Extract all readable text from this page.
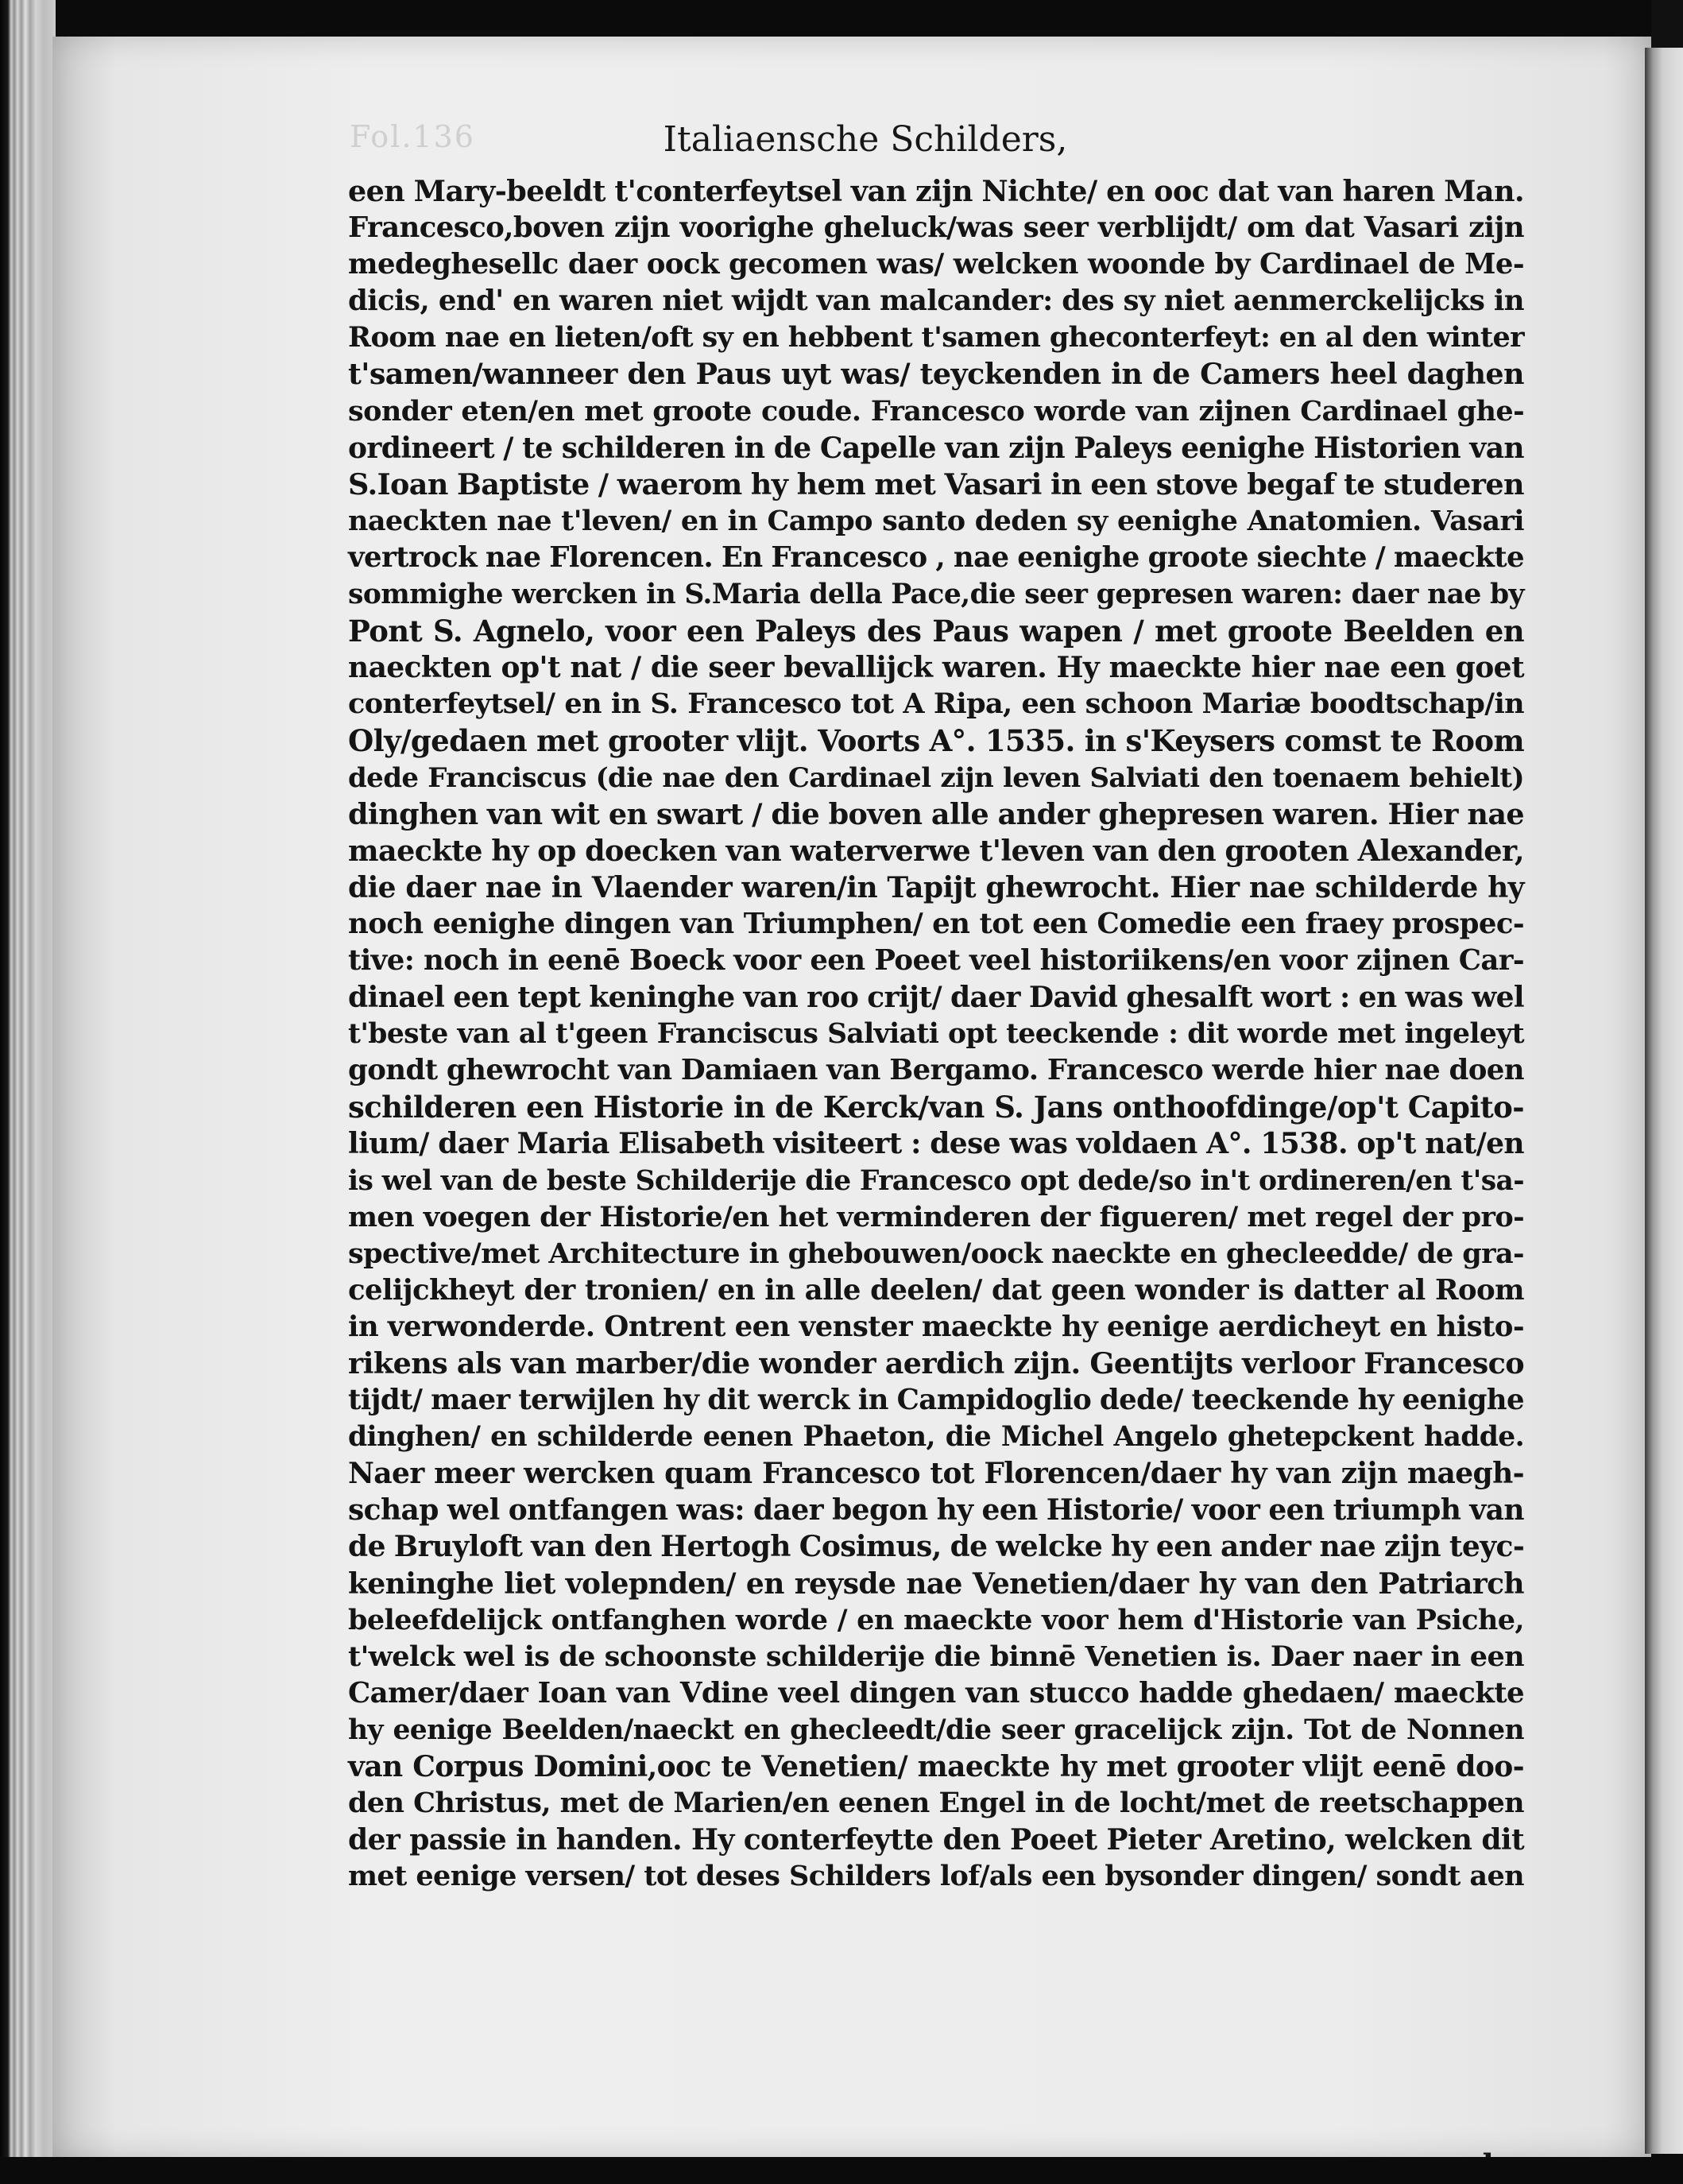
Fol.136	Italiaensche Schilders,
een Mary-beeldt t'conterfeytsel van zijn Nichte/ en ooc dat van haren Man.
Francesco,boven zijn voorighe gheluck/was seer verblijdt/ om dat Vasari zijn
medeghesellc daer oock gecomen was/ welcken woonde by Cardinael de Me-
dicis, end' en waren niet wijdt van malcander: des sy niet aenmerckelijcks in
Room nae en lieten/oft sy en hebbent t'samen gheconterfeyt: en al den winter
t'samen/wanneer den Paus uyt was/ teyckenden in de Camers heel daghen
sonder eten/en met groote coude. Francesco worde van zijnen Cardinael ghe-
ordineert / te schilderen in de Capelle van zijn Paleys eenighe Historien van
S.Ioan Baptiste / waerom hy hem met Vasari in een stove begaf te studeren
naeckten nae t'leven/ en in Campo santo deden sy eenighe Anatomien. Vasari
vertrock nae Florencen. En Francesco , nae eenighe groote siechte / maeckte
sommighe wercken in S.Maria della Pace,die seer gepresen waren: daer nae by
Pont S. Agnelo, voor een Paleys des Paus wapen / met groote Beelden en
naeckten op't nat / die seer bevallijck waren. Hy maeckte hier nae een goet
conterfeytsel/ en in S. Francesco tot A Ripa, een schoon Mariæ boodtschap/in
Oly/gedaen met grooter vlijt. Voorts A°. 1535. in s'Keysers comst te Room
dede Franciscus (die nae den Cardinael zijn leven Salviati den toenaem behielt)
dinghen van wit en swart / die boven alle ander ghepresen waren. Hier nae
maeckte hy op doecken van waterverwe t'leven van den grooten Alexander,
die daer nae in Vlaender waren/in Tapijt ghewrocht. Hier nae schilderde hy
noch eenighe dingen van Triumphen/ en tot een Comedie een fraey prospec-
tive: noch in eenē Boeck voor een Poeet veel historiikens/en voor zijnen Car-
dinael een tept keninghe van roo crijt/ daer David ghesalft wort : en was wel
t'beste van al t'geen Franciscus Salviati opt teeckende : dit worde met ingeleyt
gondt ghewrocht van Damiaen van Bergamo. Francesco werde hier nae doen
schilderen een Historie in de Kerck/van S. Jans onthoofdinge/op't Capito-
lium/ daer Maria Elisabeth visiteert : dese was voldaen A°. 1538. op't nat/en
is wel van de beste Schilderije die Francesco opt dede/so in't ordineren/en t'sa-
men voegen der Historie/en het verminderen der figueren/ met regel der pro-
spective/met Architecture in ghebouwen/oock naeckte en ghecleedde/ de gra-
celijckheyt der tronien/ en in alle deelen/ dat geen wonder is datter al Room
in verwonderde. Ontrent een venster maeckte hy eenige aerdicheyt en histo-
rikens als van marber/die wonder aerdich zijn. Geentijts verloor Francesco
tijdt/ maer terwijlen hy dit werck in Campidoglio dede/ teeckende hy eenighe
dinghen/ en schilderde eenen Phaeton, die Michel Angelo ghetepckent hadde.
Naer meer wercken quam Francesco tot Florencen/daer hy van zijn maegh-
schap wel ontfangen was: daer begon hy een Historie/ voor een triumph van
de Bruyloft van den Hertogh Cosimus, de welcke hy een ander nae zijn teyc-
keninghe liet volepnden/ en reysde nae Venetien/daer hy van den Patriarch
beleefdelijck ontfanghen worde / en maeckte voor hem d'Historie van Psiche,
t'welck wel is de schoonste schilderije die binnē Venetien is. Daer naer in een
Camer/daer Ioan van Vdine veel dingen van stucco hadde ghedaen/ maeckte
hy eenige Beelden/naeckt en ghecleedt/die seer gracelijck zijn. Tot de Nonnen
van Corpus Domini,ooc te Venetien/ maeckte hy met grooter vlijt eenē doo-
den Christus, met de Marien/en eenen Engel in de locht/met de reetschappen
der passie in handen. Hy conterfeytte den Poeet Pieter Aretino, welcken dit
met eenige versen/ tot deses Schilders lof/als een bysonder dingen/ sondt aen
